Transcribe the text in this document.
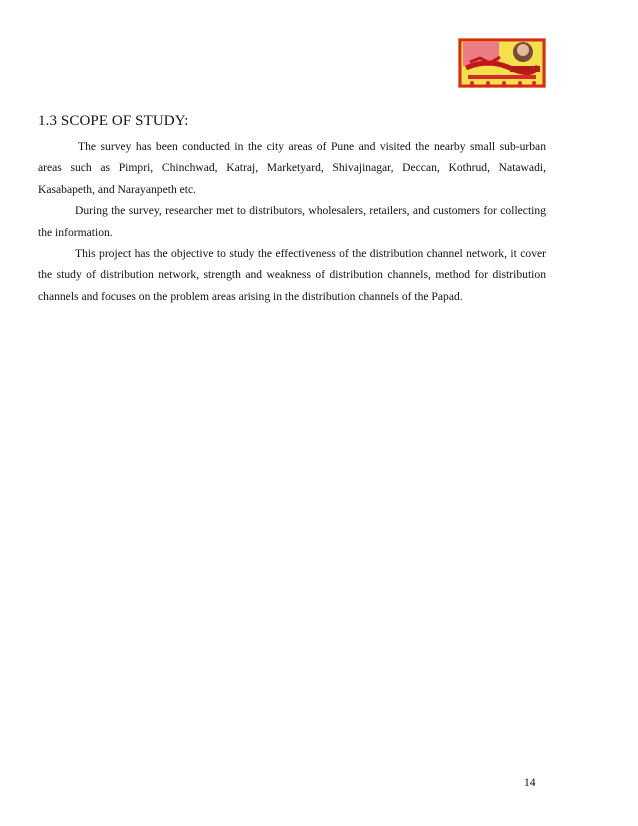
1.3 SCOPE OF STUDY:

The survey has been conducted in the city areas of Pune and visited the nearby small sub-urban areas such as Pimpri, Chinchwad, Katraj, Marketyard, Shivajinagar, Deccan, Kothrud, Natawadi, Kasabapeth, and Narayanpeth etc.

During the survey, researcher met to distributors, wholesalers, retailers, and customers for collecting the information.

This project has the objective to study the effectiveness of the distribution channel network, it cover the study of distribution network, strength and weakness of distribution channels, method for distribution channels and focuses on the problem areas arising in the distribution channels of the Papad.

14
